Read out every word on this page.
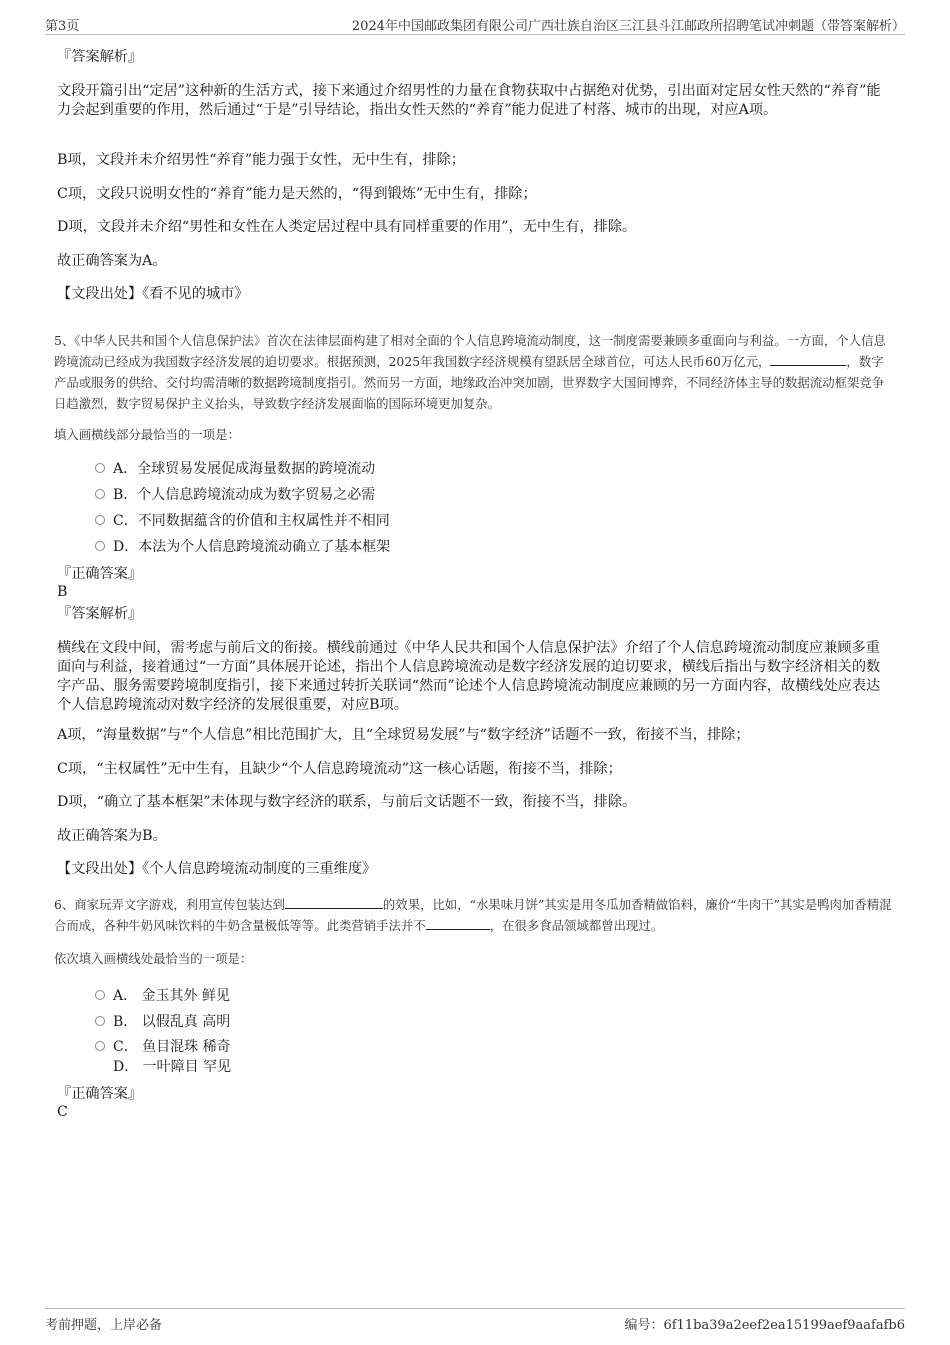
第3页	2024年中国邮政集团有限公司广西壮族自治区三江县斗江邮政所招聘笔试冲刺题（带答案解析）
『答案解析』
文段开篇引出“定居”这种新的生活方式，接下来通过介绍男性的力量在食物获取中占据绝对优势，引出面对定居女性天然的“养育”能力会起到重要的作用，然后通过“于是”引导结论，指出女性天然的“养育”能力促进了村落、城市的出现，对应A项。
B项，文段并未介绍男性“养育”能力强于女性，无中生有，排除；
C项，文段只说明女性的“养育”能力是天然的，“得到锻炼”无中生有，排除；
D项，文段并未介绍“男性和女性在人类定居过程中具有同样重要的作用”，无中生有，排除。
故正确答案为A。
【文段出处】《看不见的城市》
5、《中华人民共和国个人信息保护法》首次在法律层面构建了相对全面的个人信息跨境流动制度，这一制度需要兼顾多重面向与利益。一方面，个人信息跨境流动已经成为我国数字经济发展的迫切要求。根据预测，2025年我国数字经济规模有望跃居全球首位，可达人民币60万亿元，	，数字产品或服务的供给、交付均需清晰的数据跨境制度指引。然而另一方面，地缘政治冲突加剧，世界数字大国间博弈，不同经济体主导的数据流动框架竞争日趋激烈，数字贸易保护主义抬头，导致数字经济发展面临的国际环境更加复杂。
填入画横线部分最恰当的一项是：
A．全球贸易发展促成海量数据的跨境流动
B．个人信息跨境流动成为数字贸易之必需
C．不同数据蕴含的价值和主权属性并不相同
D．本法为个人信息跨境流动确立了基本框架
『正确答案』
B
『答案解析』
横线在文段中间，需考虑与前后文的衔接。横线前通过《中华人民共和国个人信息保护法》介绍了个人信息跨境流动制度应兼顾多重面向与利益，接着通过“一方面”具体展开论述，指出个人信息跨境流动是数字经济发展的迫切要求，横线后指出与数字经济相关的数字产品、服务需要跨境制度指引，接下来通过转折关联词“然而”论述个人信息跨境流动制度应兼顾的另一方面内容，故横线处应表达个人信息跨境流动对数字经济的发展很重要，对应B项。
A项，“海量数据”与“个人信息”相比范围扩大，且“全球贸易发展”与“数字经济”话题不一致，衔接不当，排除；
C项，“主权属性”无中生有，且缺少“个人信息跨境流动”这一核心话题，衔接不当，排除；
D项，“确立了基本框架”未体现与数字经济的联系，与前后文话题不一致，衔接不当，排除。
故正确答案为B。
【文段出处】《个人信息跨境流动制度的三重维度》
6、商家玩弄文字游戏，利用宣传包装达到	的效果，比如，“水果味月饼”其实是用冬瓜加香精做馅料，廉价“牛肉干”其实是鸭肉加香精混合而成，各种牛奶风味饮料的牛奶含量极低等等。此类营销手法并不	，在很多食品领域都曾出现过。
依次填入画横线处最恰当的一项是：
A． 金玉其外 鲜见
B． 以假乱真 高明
C． 鱼目混珠 稀奇
D． 一叶障目 罕见
『正确答案』
C
考前押题，上岸必备	编号：6f11ba39a2eef2ea15199aef9aafafb6
